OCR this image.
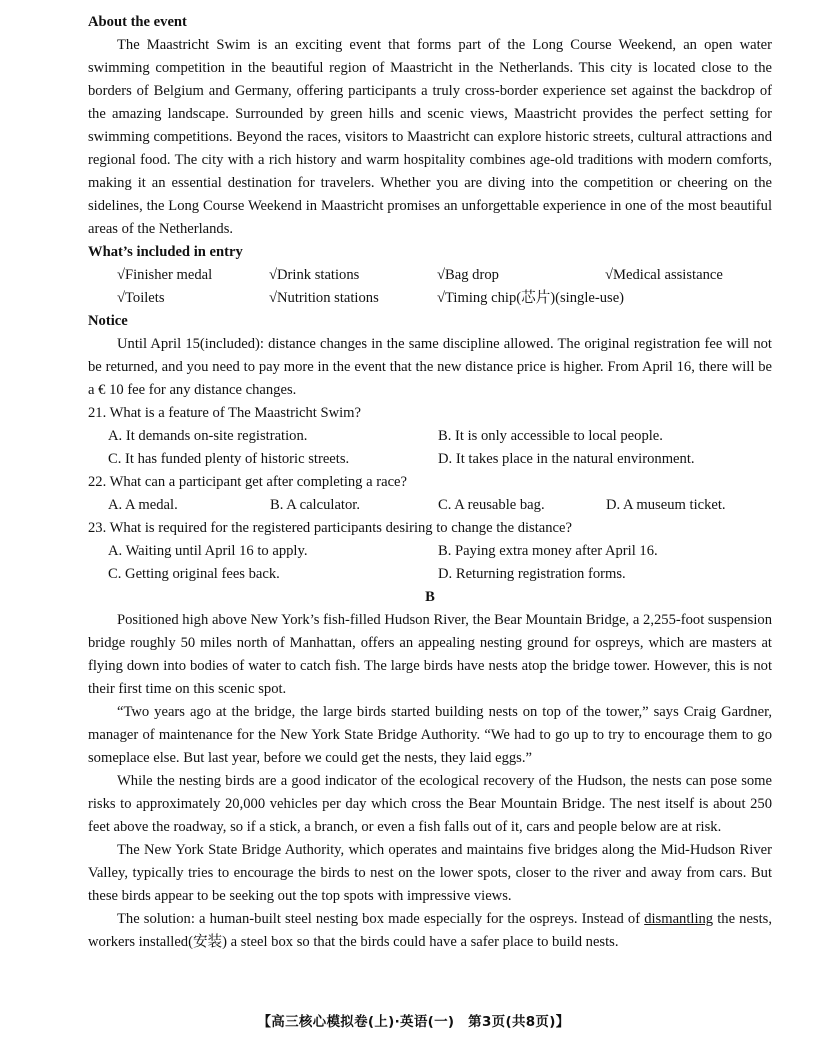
About the event

The Maastricht Swim is an exciting event that forms part of the Long Course Weekend, an open water swimming competition in the beautiful region of Maastricht in the Netherlands. This city is located close to the borders of Belgium and Germany, offering participants a truly cross-border experience set against the backdrop of the amazing landscape. Surrounded by green hills and scenic views, Maastricht provides the perfect setting for swimming competitions. Beyond the races, visitors to Maastricht can explore historic streets, cultural attractions and regional food. The city with a rich history and warm hospitality combines age-old traditions with modern comforts, making it an essential destination for travelers. Whether you are diving into the competition or cheering on the sidelines, the Long Course Weekend in Maastricht promises an unforgettable experience in one of the most beautiful areas of the Netherlands.

What’s included in entry

√Finisher medal	√Drink stations	√Bag drop	√Medical assistance
√Toilets	√Nutrition stations	√Timing chip(芯片)(single-use)

Notice

Until April 15(included): distance changes in the same discipline allowed. The original registration fee will not be returned, and you need to pay more in the event that the new distance price is higher. From April 16, there will be a € 10 fee for any distance changes.

21. What is a feature of The Maastricht Swim?

A. It demands on-site registration.	B. It is only accessible to local people.
C. It has funded plenty of historic streets.	D. It takes place in the natural environment.

22. What can a participant get after completing a race?

A. A medal.	B. A calculator.	C. A reusable bag.	D. A museum ticket.

23. What is required for the registered participants desiring to change the distance?

A. Waiting until April 16 to apply.	B. Paying extra money after April 16.
C. Getting original fees back.	D. Returning registration forms.

B

Positioned high above New York’s fish-filled Hudson River, the Bear Mountain Bridge, a 2,255-foot suspension bridge roughly 50 miles north of Manhattan, offers an appealing nesting ground for ospreys, which are masters at flying down into bodies of water to catch fish. The large birds have nests atop the bridge tower. However, this is not their first time on this scenic spot.

“Two years ago at the bridge, the large birds started building nests on top of the tower,” says Craig Gardner, manager of maintenance for the New York State Bridge Authority. “We had to go up to try to encourage them to go someplace else. But last year, before we could get the nests, they laid eggs.”

While the nesting birds are a good indicator of the ecological recovery of the Hudson, the nests can pose some risks to approximately 20,000 vehicles per day which cross the Bear Mountain Bridge. The nest itself is about 250 feet above the roadway, so if a stick, a branch, or even a fish falls out of it, cars and people below are at risk.

The New York State Bridge Authority, which operates and maintains five bridges along the Mid-Hudson River Valley, typically tries to encourage the birds to nest on the lower spots, closer to the river and away from cars. But these birds appear to be seeking out the top spots with impressive views.

The solution: a human-built steel nesting box made especially for the ospreys. Instead of dismantling the nests, workers installed(安装) a steel box so that the birds could have a safer place to build nests.

【高三核心模拟卷(上)·英语(一)　第3页(共8页)】
